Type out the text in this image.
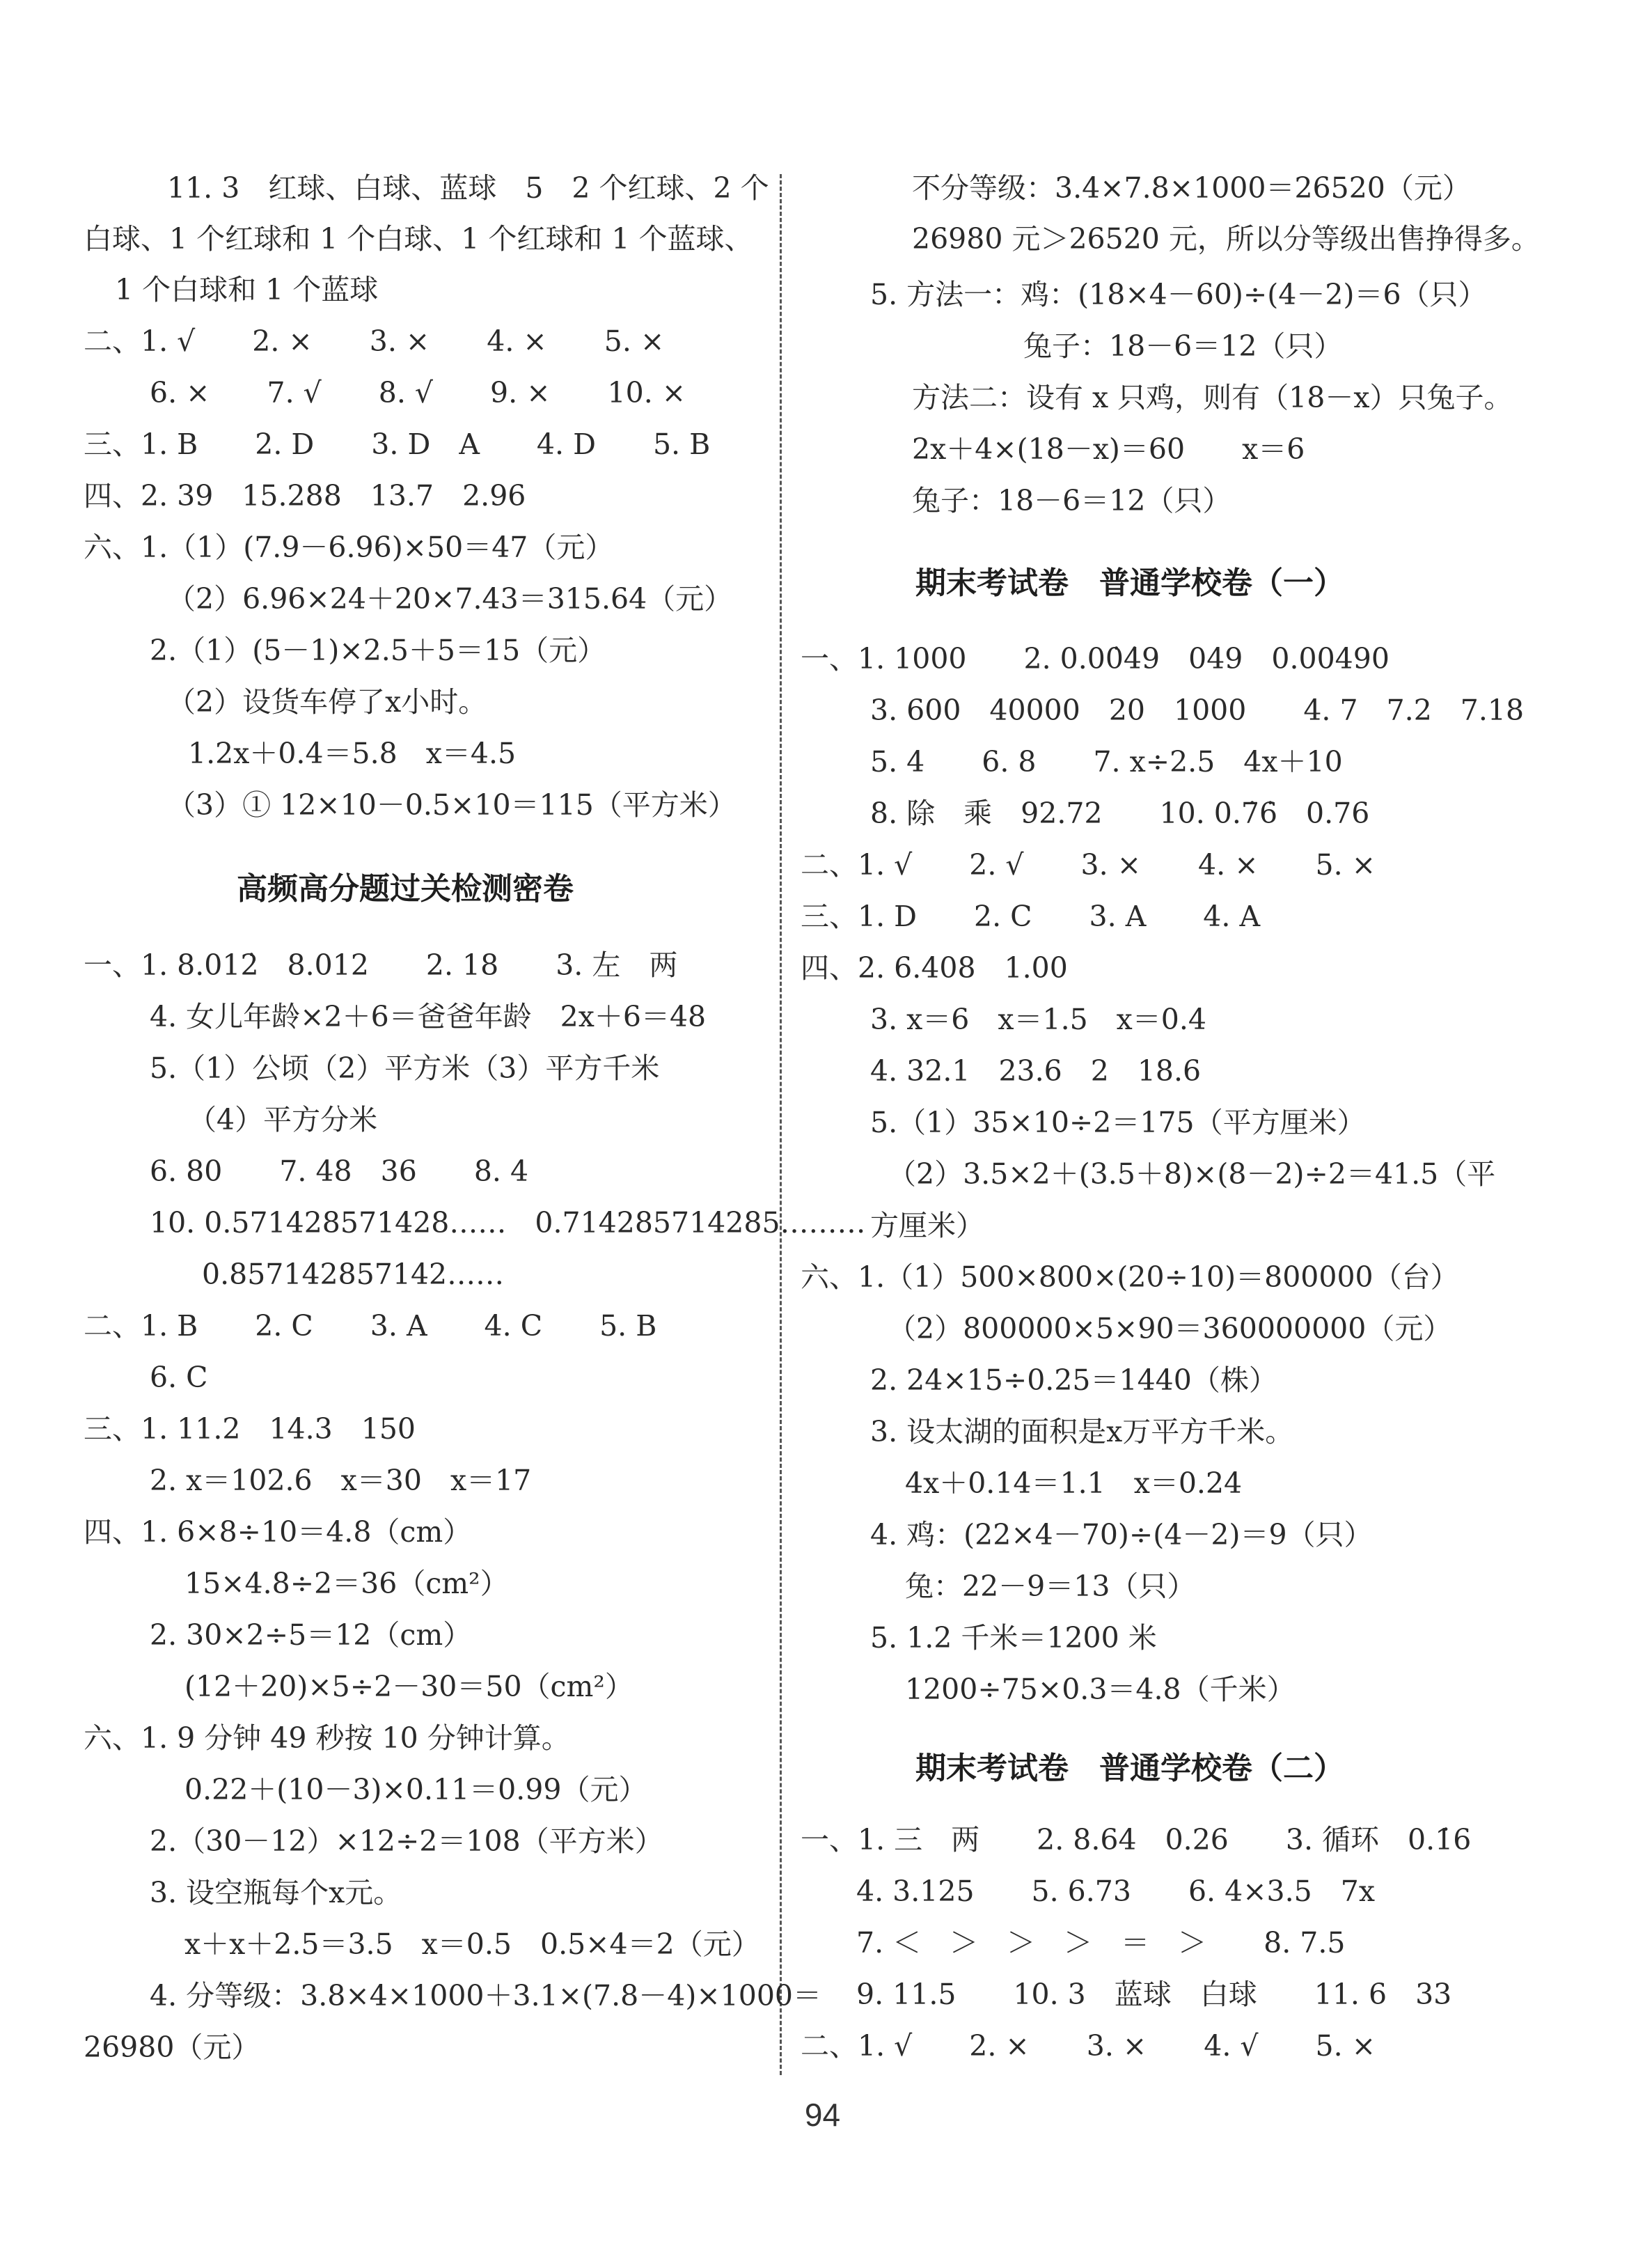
11. 3　红球、白球、蓝球　5　2 个红球、2 个
白球、1 个红球和 1 个白球、1 个红球和 1 个蓝球、
1 个白球和 1 个蓝球
二、1. √　　2. ×　　3. ×　　4. ×　　5. ×
6. ×　　7. √　　8. √　　9. ×　　10. ×
三、1. B　　2. D　　3. D　A　　4. D　　5. B
四、2. 39　15.288　13.7　2.96
六、1.（1）(7.9－6.96)×50＝47（元）
（2）6.96×24＋20×7.43＝315.64（元）
2.（1）(5－1)×2.5＋5＝15（元）
（2）设货车停了x小时。
1.2x＋0.4＝5.8　x＝4.5
（3）① 12×10－0.5×10＝115（平方米）
高频高分题过关检测密卷
一、1. 8.012̇　8.012　　2. 18　　3. 左　两
4. 女儿年龄×2＋6＝爸爸年龄　2x＋6＝48
5.（1）公顷（2）平方米（3）平方千米
（4）平方分米
6. 80　　7. 48　36　　8. 4
10. 0.571428571428……　0.714285714285………
0.857142857142……
二、1. B　　2. C　　3. A　　4. C　　5. B
6. C
三、1. 11.2　14.3　150
2. x＝102.6　x＝30　x＝17
四、1. 6×8÷10＝4.8（cm）
15×4.8÷2＝36（cm²）
2. 30×2÷5＝12（cm）
(12＋20)×5÷2－30＝50（cm²）
六、1. 9 分钟 49 秒按 10 分钟计算。
0.22＋(10－3)×0.11＝0.99（元）
2.（30－12）×12÷2＝108（平方米）
3. 设空瓶每个x元。
x＋x＋2.5＝3.5　x＝0.5　0.5×4＝2（元）
4. 分等级：3.8×4×1000＋3.1×(7.8－4)×1000＝
26980（元）
不分等级：3.4×7.8×1000＝26520（元）
26980 元＞26520 元，所以分等级出售挣得多。
5. 方法一：鸡：(18×4－60)÷(4－2)＝6（只）
兔子：18－6＝12（只）
方法二：设有 x 只鸡，则有（18－x）只兔子。
2x＋4×(18－x)＝60　　x＝6
兔子：18－6＝12（只）
期末考试卷　普通学校卷（一）
一、1. 1000　　2. 0.00̇4̇9　049　0.00490
3. 600　40000　20　1000　　4. 7　7.2　7.18
5. 4　　6. 8　　7. x÷2.5　4x＋10
8. 除　乘　92.72　　10. 0.7̇6̇　0.76
二、1. √　　2. √　　3. ×　　4. ×　　5. ×
三、1. D　　2. C　　3. A　　4. A
四、2. 6.408　1.00
3. x＝6　x＝1.5　x＝0.4
4. 32.1　23.6　2　18.6
5.（1）35×10÷2＝175（平方厘米）
（2）3.5×2＋(3.5＋8)×(8－2)÷2＝41.5（平
方厘米）
六、1.（1）500×800×(20÷10)＝800000（台）
（2）800000×5×90＝360000000（元）
2. 24×15÷0.25＝1440（株）
3. 设太湖的面积是x万平方千米。
4x＋0.14＝1.1　x＝0.24
4. 鸡：(22×4－70)÷(4－2)＝9（只）
兔：22－9＝13（只）
5. 1.2 千米＝1200 米
1200÷75×0.3＝4.8（千米）
期末考试卷　普通学校卷（二）
一、1. 三　两　　2. 8.64　0.26　　3. 循环　0.1̇6
4. 3.125　　5. 6.73　　6. 4×3.5　7x
7. ＜　＞　＞　＞　＝　＞　　8. 7.5
9. 11.5　　10. 3　蓝球　白球　　11. 6　33
二、1. √　　2. ×　　3. ×　　4. √　　5. ×
94
